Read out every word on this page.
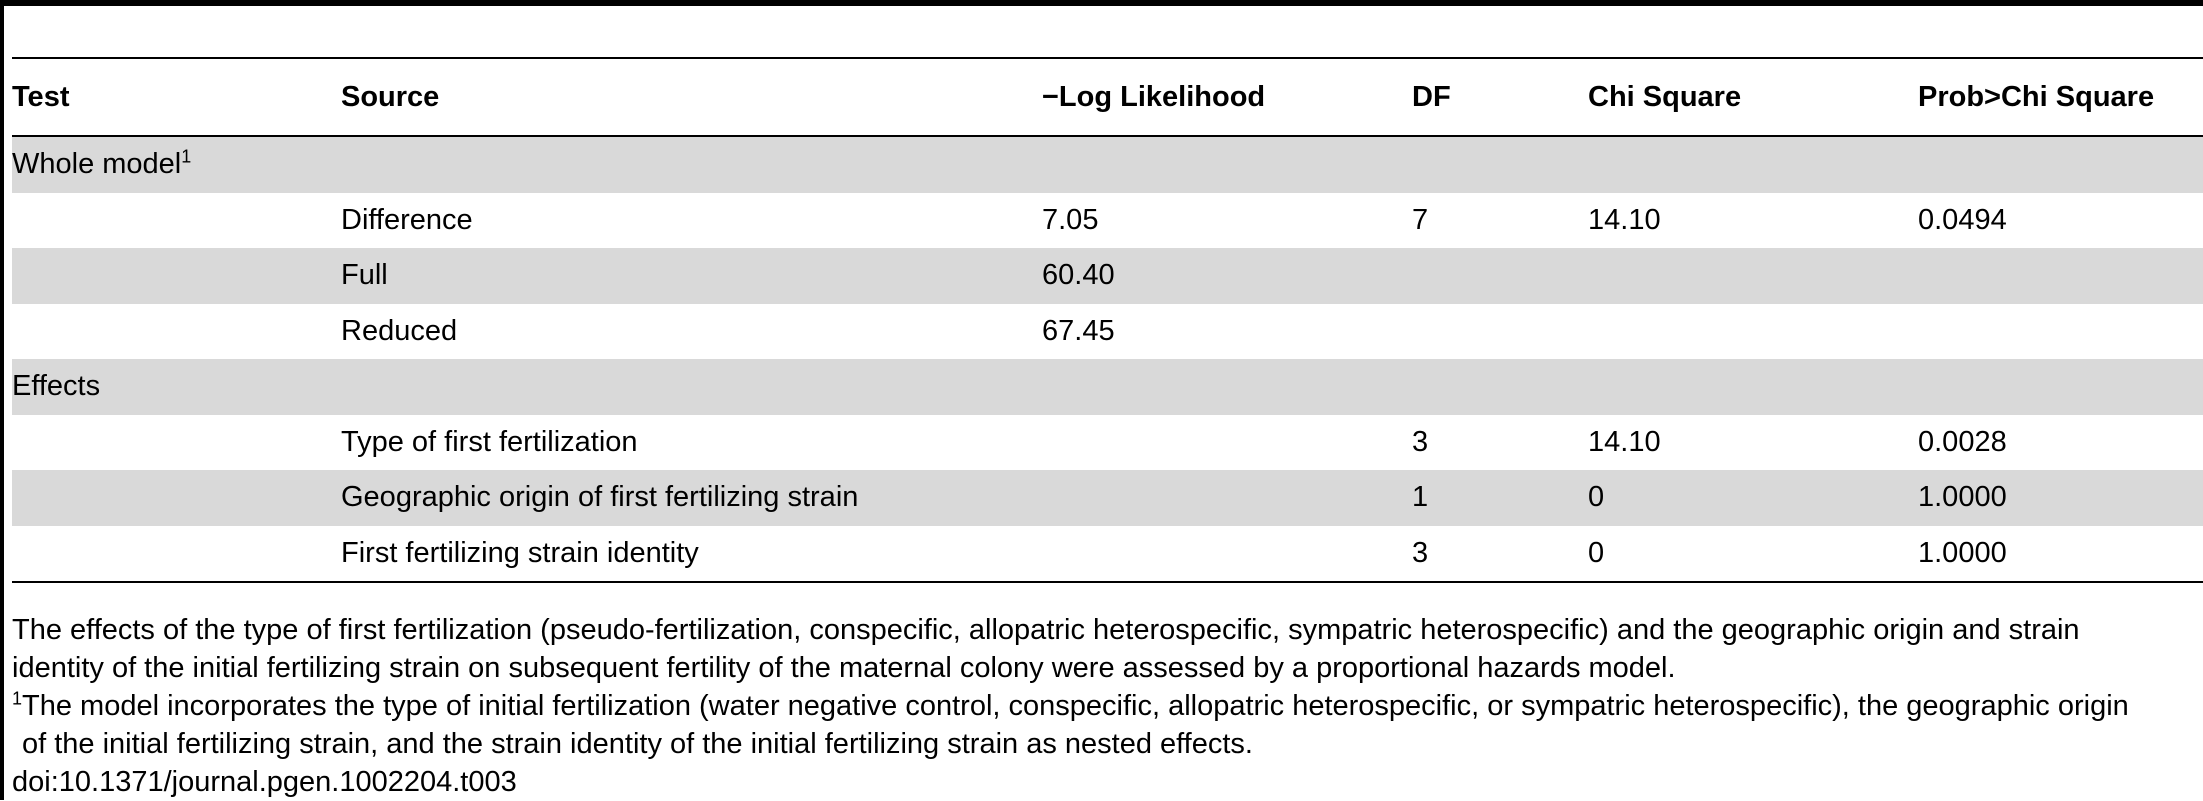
Test	Source	−Log Likelihood	DF	Chi Square	Prob>Chi Square
Whole model$^1$
	Difference	7.05	7	14.10	0.0494
	Full	60.40			
	Reduced	67.45			
Effects					
	Type of first fertilization		3	14.10	0.0028
	Geographic origin of first fertilizing strain		1	0	1.0000
	First fertilizing strain identity		3	0	1.0000

The effects of the type of first fertilization (pseudo-fertilization, conspecific, allopatric heterospecific, sympatric heterospecific) and the geographic origin and strain

identity of the initial fertilizing strain on subsequent fertility of the maternal colony were assessed by a proportional hazards model.

$^1$The model incorporates the type of initial fertilization (water negative control, conspecific, allopatric heterospecific, or sympatric heterospecific), the geographic origin

of the initial fertilizing strain, and the strain identity of the initial fertilizing strain as nested effects.

doi:10.1371/journal.pgen.1002204.t003
